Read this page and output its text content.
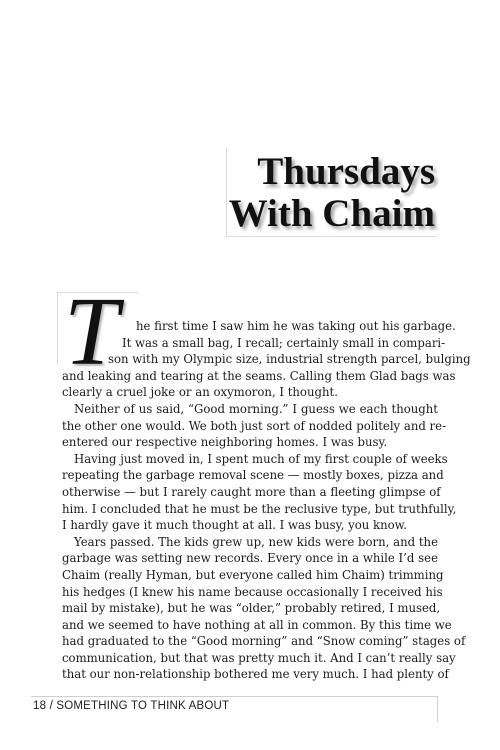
Thursdays
With Chaim
T	he first time I saw him he was taking out his garbage.
It was a small bag, I recall; certainly small in compari-
son with my Olympic size, industrial strength parcel, bulging
and leaking and tearing at the seams. Calling them Glad bags was
clearly a cruel joke or an oxymoron, I thought.
Neither of us said, “Good morning.” I guess we each thought
the other one would. We both just sort of nodded politely and re-
entered our respective neighboring homes. I was busy.
Having just moved in, I spent much of my first couple of weeks
repeating the garbage removal scene — mostly boxes, pizza and
otherwise — but I rarely caught more than a fleeting glimpse of
him. I concluded that he must be the reclusive type, but truthfully,
I hardly gave it much thought at all. I was busy, you know.
Years passed. The kids grew up, new kids were born, and the
garbage was setting new records. Every once in a while I’d see
Chaim (really Hyman, but everyone called him Chaim) trimming
his hedges (I knew his name because occasionally I received his
mail by mistake), but he was “older,” probably retired, I mused,
and we seemed to have nothing at all in common. By this time we
had graduated to the “Good morning” and “Snow coming” stages of
communication, but that was pretty much it. And I can’t really say
that our non-relationship bothered me very much. I had plenty of
18 / SOMETHING TO THINK ABOUT
